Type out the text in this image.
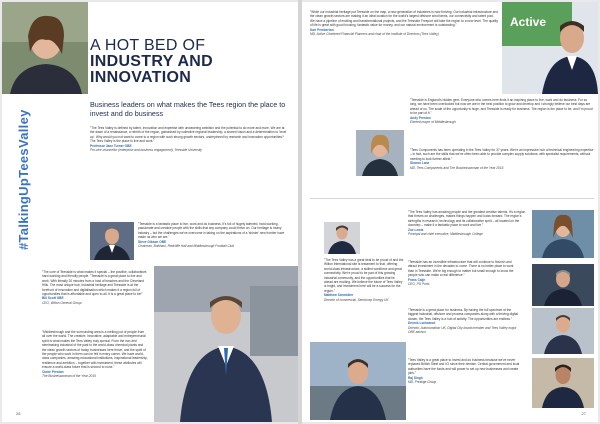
A HOT BED OF
INDUSTRY AND
INNOVATION
Business leaders on what makes the Tees region the place to invest and do business
"The Tees Valley is defined by talent, innovation and expertise with unwavering ambition and the potential to do more and more. We are at the dawn of a renaissance, a rebirth of the region, galvanised by collective regional leadership, a shared vision and a determination to 'level up'. Why would you not want to come to a region with such strong growth sectors, underpinned by research and innovation opportunities? The Tees Valley is the place to live and work."
Professor Jane Turner OBE
Pro-vice-chancellor (enterprise and business engagement), Teesside University
"Teesside is a fantastic place to live, work and do business. It's full of hugely talented, hard-working, passionate and creative people with the skills that any company could thrive on. Our heritage is heavy industry – but the challenges we've overcome in taking on the aspirations of a 'shinier' new frontier have made us who we are."
Steve Gibson OBE
Chairman, Bulkhaul, Redcliffe Hall and Middlesbrough Football Club
"The core of Teesside is what makes it special – the positive, collaborative, hard-working and friendly people. "Teesside is a great place to live and work. With literally 20 minutes from a host of beaches and the Cleveland Hills. The most unique hub, industrial heritage and Teesside is at the forefront of innovation and digitalisation which makes it a region full of opportunities that is affordable and open to all. It is a great place to be!"
Bill Scott OBE
CEO, Wilton General Group
"Middlesbrough and the surrounding area is a melting pot of people from all over the world. The creative, innovative, adaptable and entrepreneurial spirit is what makes the Tees Valley truly special. From the iron and steelmaking industrial of the past to the world-class chemical plants and the clean growth sectors of today, businesses here thrive, and the spirit of the people who work in them can be felt in every corner. We have world-class companies, amazing educational institutions, inspirational leadership, resilience and ambition – together with investment, these attributes will ensure a world-class future that is second to none."
Claire Preston
The Businesswoman of the Year 2019
#TalkingUpTeesValley
26
"While our industrial heritage put Teesside on the map, a new generation of industries is now thriving. Our industrial infrastructure and the clean growth sectors are making it an ideal location for the world's largest offshore wind farms, our connectivity and talent pool. We have a pipeline of exciting and transformational projects, and the Teesside Freeport will take the region to a new level. The quality of life is great with good housing, fantastic value for money, and our natural environment is outstanding."
Karl Pemberton
MD, Active Chartered Financial Planners and chair of the Institute of Directors (Tees Valley)
Active
"Teesside is England's hidden gem. Everyone who comes here finds it an inspiring place to live, work and do business. For so long, we have been overlooked but now we are in the best position to grow and develop and I strongly believe our best days are ahead of us. The scale of the opportunity is huge, and Teesside is ready for business. The region is the place to be, and I'm proud to be part of it."
Andy Preston
Elected mayor of Middlesbrough
"Tees Components has been operating in the Tees Valley for 37 years. We're an impressive hub of technical engineering expertise – in fact, such are the skills that we've often been able to provide complex supply solutions, with specialist requirements, without needing to look further afield."
Sharon Lane
MD, Tees Components and The Businesswoman of the Year 2016
"The Tees Valley has a great deal to be proud of and the Wilton International site is testament to that, offering world-class infrastructure, a skilled workforce and great connectivity. We're proud to be part of this growing industrial community, and the opportunities that lie ahead are exciting. We believe the future of Tees Valley is bright, and investment here will be a success for the region."
Matthew Schmidter
Director of commercial, Sembcorp Energy UK
"The Tees Valley has amazing people and the greatest creative talents. It's a region that thrives on challenges, makes things happen and looks forward. The region's strengths in research, technology and its collaborative spirit – all located on the doorstep – make it a fantastic place to work and live."
Zoe Lewis
Principal and chief executive, Middlesbrough College
"Teesside has an incredible infrastructure that will continue to flourish and attract investment in the decades to come. There is no better place to work than in Teesside. We're big enough to matter but small enough to know the people who can make a real difference."
Frans Calje
CEO, PD Ports
"Teesside is a great place for business. By having the full spectrum of the biggest industrial, offshore and process companies along with a thriving digital cluster, the Tees Valley is a hub of activity. The opportunities are endless."
Dennis Lockwood
Director, Autonomation UK, Digital City board member and Tees Valley major OBE advisor
"Tees Valley is a great place to invest and do business because we've never replaced British Steel and ICI since their demise. Central government and local authorities have the funds and will power to set up new businesses and create jobs."
Raj Singh
MD, Prestige Group
27
